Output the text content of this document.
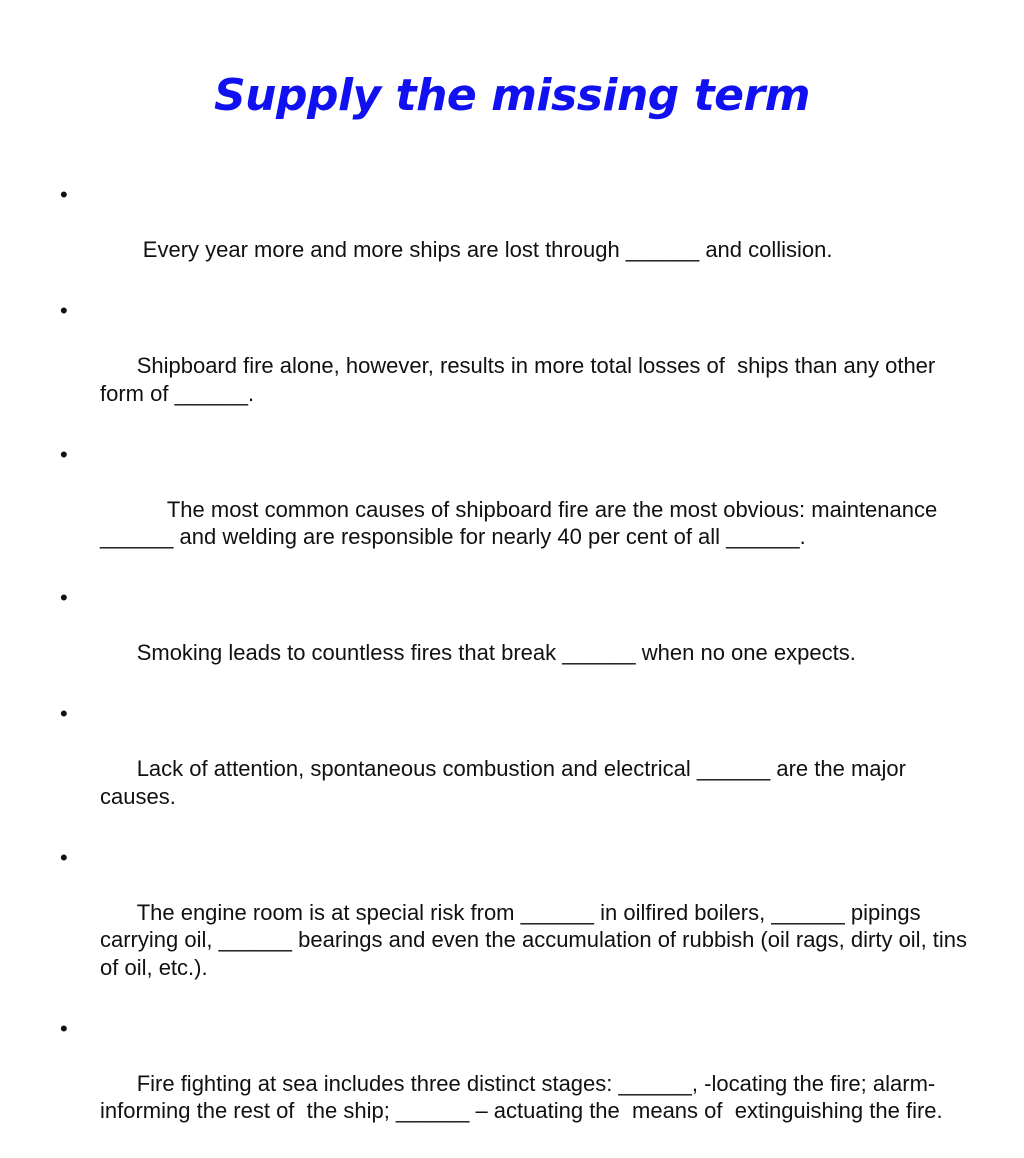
Supply the missing term

•

Every year more and more ships are lost through ______ and collision.

•

Shipboard fire alone, however, results in more total losses of  ships than any other form of ______.

•

The most common causes of shipboard fire are the most obvious: maintenance ______ and welding are responsible for nearly 40 per cent of all ______.

•

Smoking leads to countless fires that break ______ when no one expects.

•

Lack of attention, spontaneous combustion and electrical ______ are the major causes.

•

The engine room is at special risk from ______ in oilfired boilers, ______ pipings carrying oil, ______ bearings and even the accumulation of rubbish (oil rags, dirty oil, tins of oil, etc.).

•

Fire fighting at sea includes three distinct stages: ______, -locating the fire; alarm- informing the rest of  the ship; ______ – actuating the  means of  extinguishing the fire.
